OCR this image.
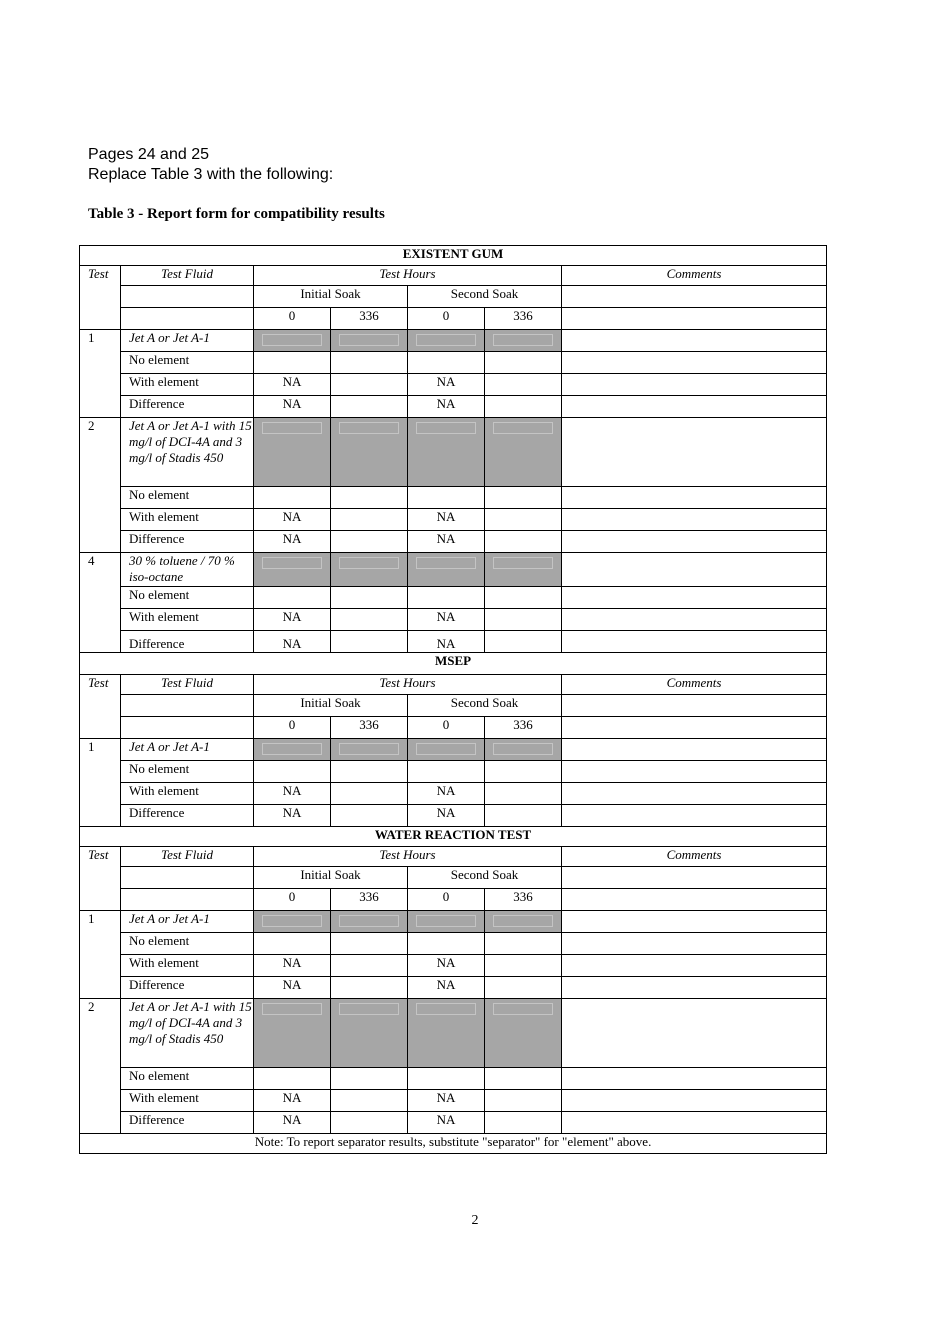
Pages 24 and 25
Replace Table 3 with the following:
Table 3 - Report form for compatibility results
EXISTENT GUM						
Test	Test Fluid	Test Hours				Comments
		Initial Soak		Second Soak		
		0	336	0	336	
1	Jet A or Jet A-1	

	No element					
	With element	NA		NA		
	Difference	NA		NA		
2	Jet A or Jet A-1 with 15 mg/l of DCI-4A and 3 mg/l of Stadis 450	

	No element					
	With element	NA		NA		
	Difference	NA		NA		
4	30 % toluene / 70 % iso-octane	

	No element					
	With element	NA		NA		
	Difference	NA		NA		
MSEP						
Test	Test Fluid	Test Hours				Comments
		Initial Soak		Second Soak		
		0	336	0	336	
1	Jet A or Jet A-1	

	No element					
	With element	NA		NA		
	Difference	NA		NA		
WATER REACTION TEST						
Test	Test Fluid	Test Hours				Comments
		Initial Soak		Second Soak		
		0	336	0	336	
1	Jet A or Jet A-1	

	No element					
	With element	NA		NA		
	Difference	NA		NA		
2	Jet A or Jet A-1 with 15 mg/l of DCI-4A and 3 mg/l of Stadis 450	

	No element					
	With element	NA		NA		
	Difference	NA		NA		
Note: To report separator results, substitute "separator" for "element" above.						
2
